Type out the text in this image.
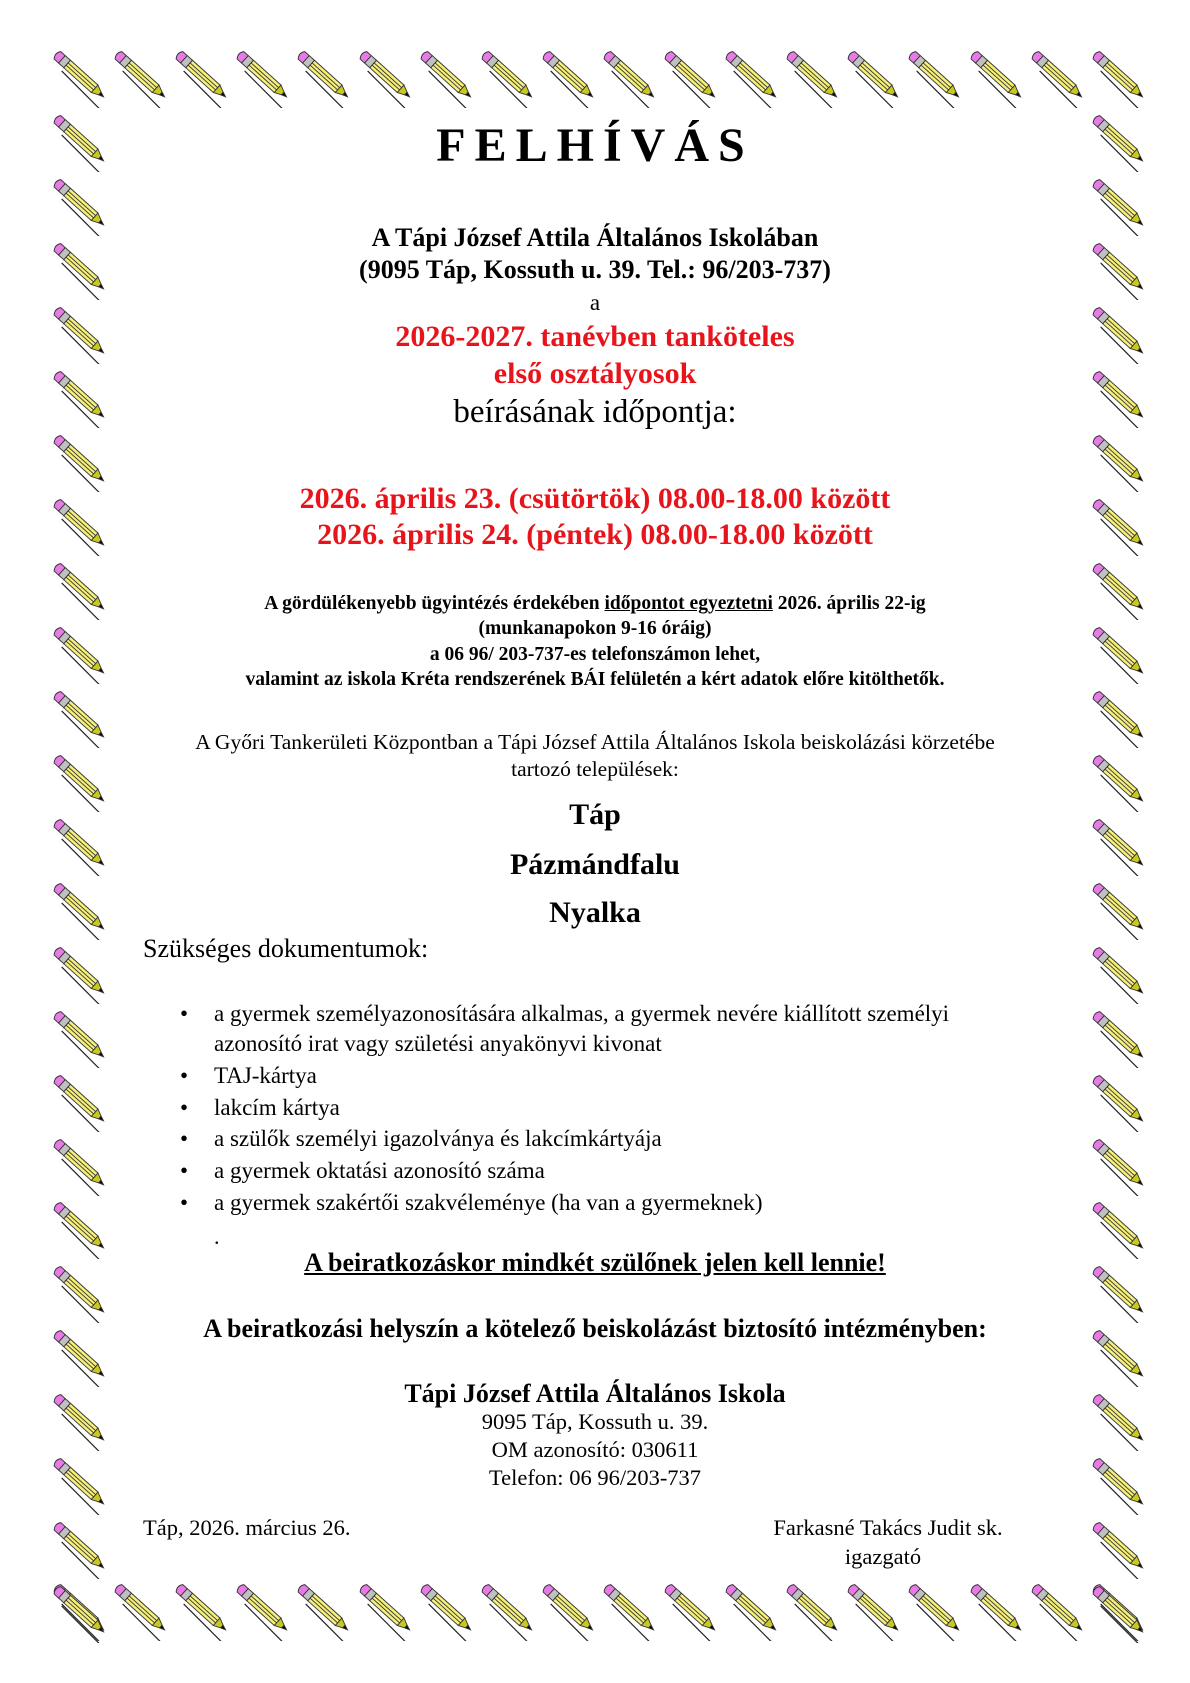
FELHÍVÁS
A Tápi József Attila Általános Iskolában
(9095 Táp, Kossuth u. 39. Tel.: 96/203-737)
a
2026-2027. tanévben tanköteles
első osztályosok
beírásának időpontja:
2026. április 23. (csütörtök) 08.00-18.00 között
2026. április 24. (péntek) 08.00-18.00 között
A gördülékenyebb ügyintézés érdekében időpontot egyeztetni 2026. április 22-ig
(munkanapokon 9-16 óráig)
a 06 96/ 203-737-es telefonszámon lehet,
valamint az iskola Kréta rendszerének BÁI felületén a kért adatok előre kitölthetők.
A Győri Tankerületi Központban a Tápi József Attila Általános Iskola beiskolázási körzetébe
tartozó települések:
Táp
Pázmándfalu
Nyalka
Szükséges dokumentumok:
• a gyermek személyazonosítására alkalmas, a gyermek nevére kiállított személyi
azonosító irat vagy születési anyakönyvi kivonat
• TAJ-kártya
• lakcím kártya
• a szülők személyi igazolványa és lakcímkártyája
• a gyermek oktatási azonosító száma
• a gyermek szakértői szakvéleménye (ha van a gyermeknek)
.
A beiratkozáskor mindkét szülőnek jelen kell lennie!
A beiratkozási helyszín a kötelező beiskolázást biztosító intézményben:
Tápi József Attila Általános Iskola
9095 Táp, Kossuth u. 39.
OM azonosító: 030611
Telefon: 06 96/203-737
Táp, 2026. március 26.	Farkasné Takács Judit sk.
igazgató
